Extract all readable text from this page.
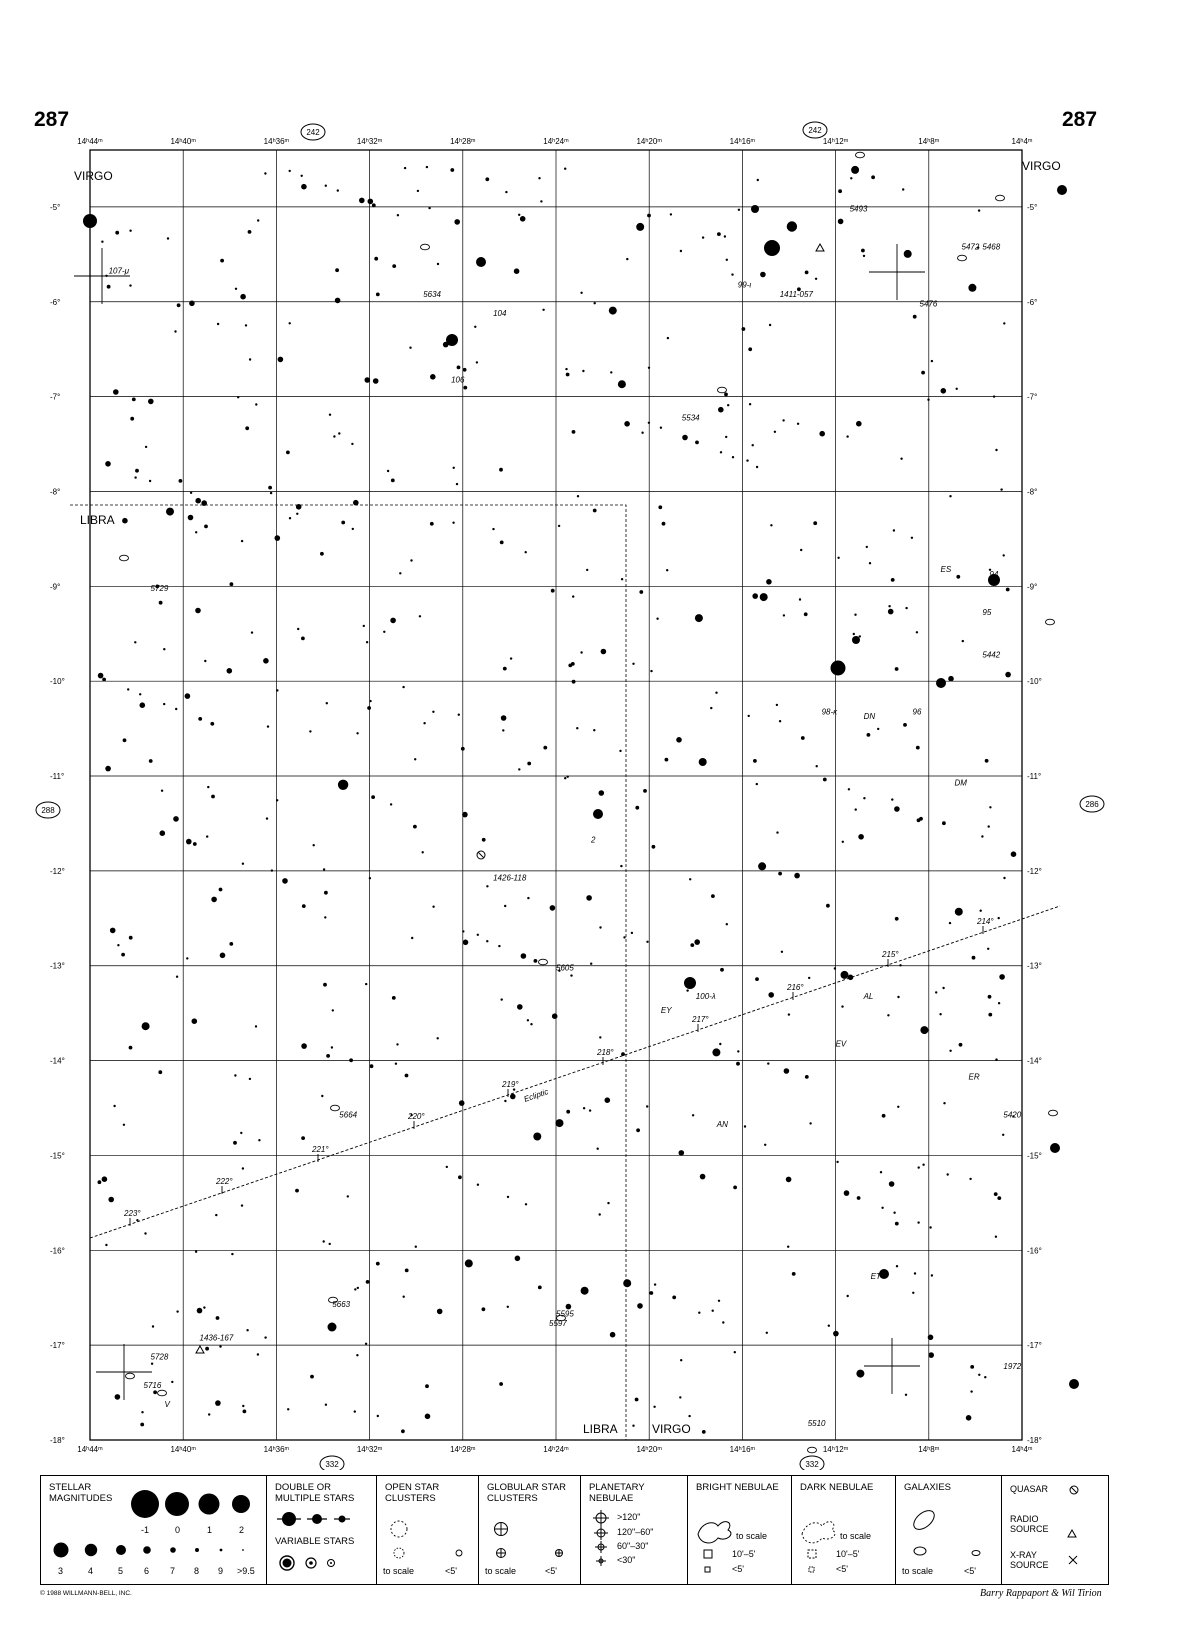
287	287
-5°	-5°
-6°	-6°
-7°	-7°
-8°	-8°
-9°	-9°
-10°	-10°
-11°	-11°
-12°	-12°
-13°	-13°
-14°	-14°
-15°	-15°
-16°	-16°
-17°	-17°
-18°	-18°
14ʰ44ᵐ
14ʰ44ᵐ
14ʰ40ᵐ
14ʰ40ᵐ
14ʰ36ᵐ
14ʰ36ᵐ
14ʰ32ᵐ
14ʰ32ᵐ
14ʰ28ᵐ
14ʰ28ᵐ
14ʰ24ᵐ
14ʰ24ᵐ
14ʰ20ᵐ
14ʰ20ᵐ
14ʰ16ᵐ
14ʰ16ᵐ
14ʰ12ᵐ
14ʰ12ᵐ
14ʰ8ᵐ
14ʰ8ᵐ
14ʰ4ᵐ
14ʰ4ᵐ
107-μ
5634
104
106
99-ι
1411-057
5493
5472 5468
5476
5534
5729
ES
94
95
5442
97
98-κ
DN
96
DM
1426-118
2
5605
100-λ
EY
AL
EV
ER
5420
5664
AN
ET
5663
5595
5597
1436-167
5728
5716
V
1972
5510
VIRGO
VIRGO
LIBRA
LIBRA	VIRGO
242	242
332	332
288
286
Ecliptic
223°
222°
221°
220°
219°
218°
217°
216°
215°
214°
STELLAR MAGNITUDES
-1	0	1	2
3	4	5 6 7 8 9 >9.5
DOUBLE OR MULTIPLE STARS
VARIABLE STARS
OPEN STAR CLUSTERS
to scale	<5'
GLOBULAR STAR CLUSTERS
to scale	<5'
PLANETARY NEBULAE
>120"
120"–60"
60"–30"
<30"
BRIGHT NEBULAE
to scale
10'–5'
<5'
DARK NEBULAE
to scale
10'–5'
<5'
GALAXIES
to scale	<5'
QUASAR
RADIO SOURCE
X-RAY SOURCE
© 1988 WILLMANN-BELL, INC.	Barry Rappaport & Wil Tirion
